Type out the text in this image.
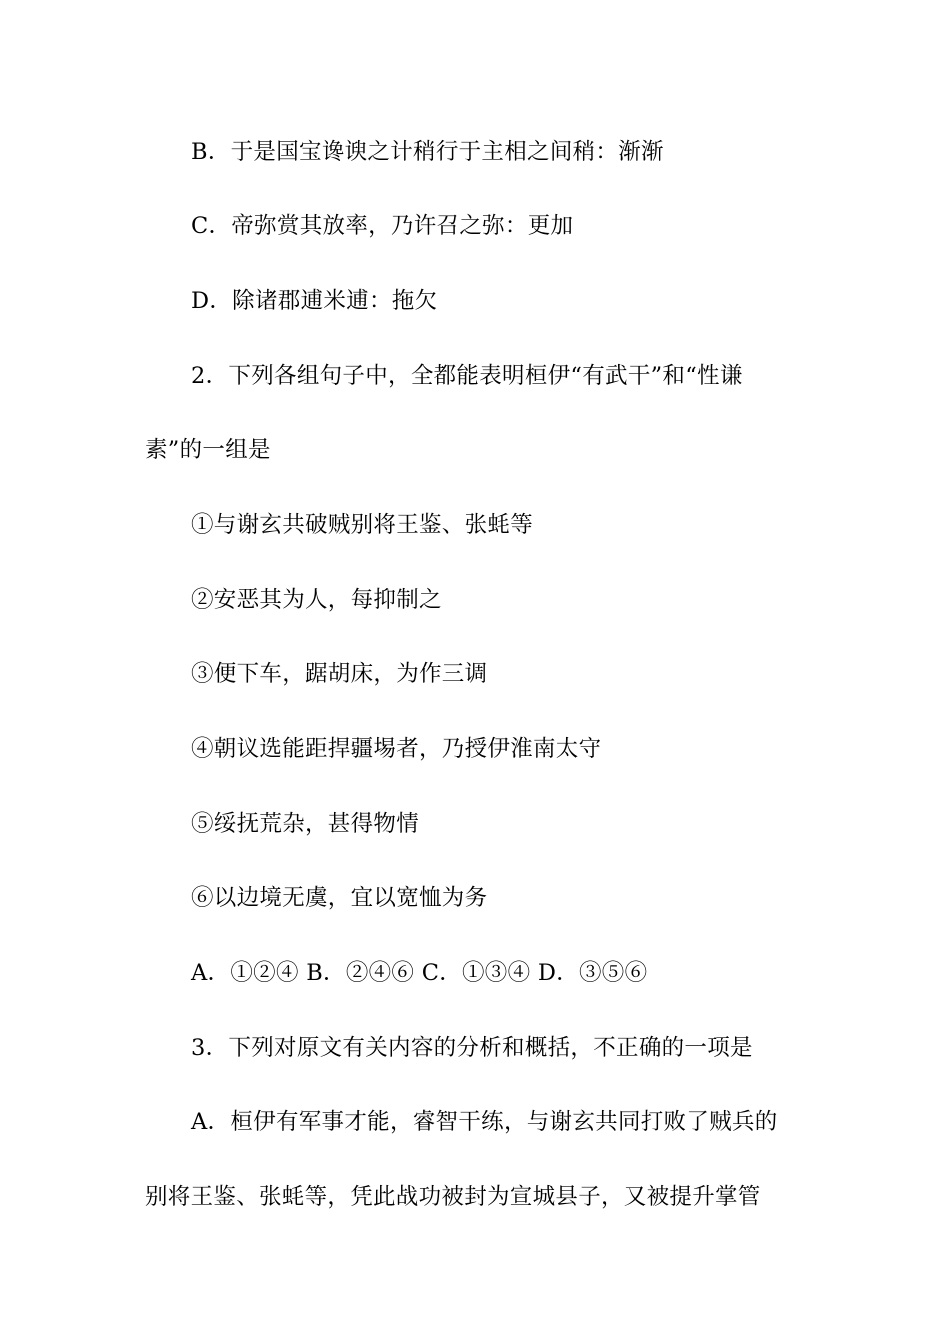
B．于是国宝谗谀之计稍行于主相之间稍：渐渐
C．帝弥赏其放率，乃许召之弥：更加
D．除诸郡逋米逋：拖欠
2．下列各组句子中，全都能表明桓伊“有武干”和“性谦
素”的一组是
①与谢玄共破贼别将王鉴、张蚝等
②安恶其为人，每抑制之
③便下车，踞胡床，为作三调
④朝议选能距捍疆埸者，乃授伊淮南太守
⑤绥抚荒杂，甚得物情
⑥以边境无虞，宜以宽恤为务
A．①②④ B．②④⑥ C．①③④ D．③⑤⑥
3．下列对原文有关内容的分析和概括，不正确的一项是
A．桓伊有军事才能，睿智干练，与谢玄共同打败了贼兵的
别将王鉴、张蚝等，凭此战功被封为宣城县子，又被提升掌管
